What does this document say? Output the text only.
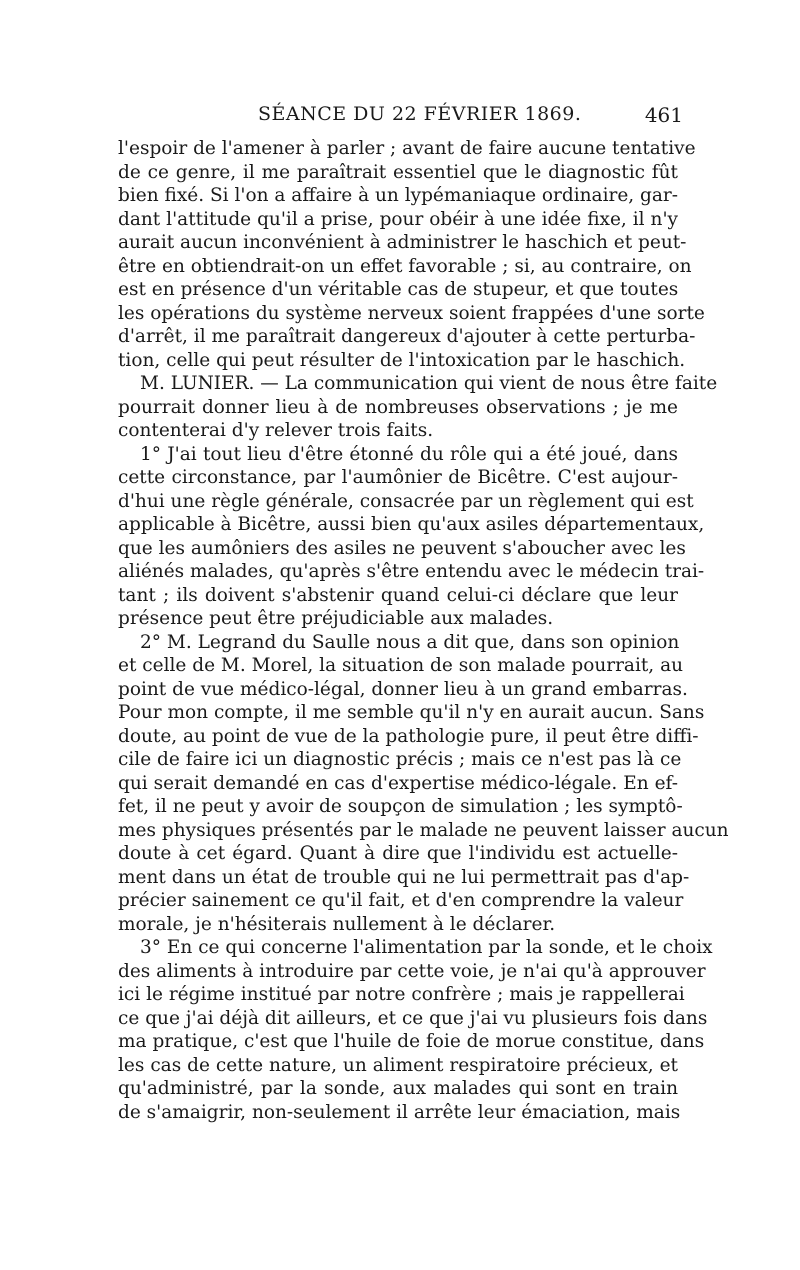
SÉANCE DU 22 FÉVRIER 1869.	461
l'espoir de l'amener à parler ; avant de faire aucune tentative
de ce genre, il me paraîtrait essentiel que le diagnostic fût
bien fixé. Si l'on a affaire à un lypémaniaque ordinaire, gar-
dant l'attitude qu'il a prise, pour obéir à une idée fixe, il n'y
aurait aucun inconvénient à administrer le haschich et peut-
être en obtiendrait-on un effet favorable ; si, au contraire, on
est en présence d'un véritable cas de stupeur, et que toutes
les opérations du système nerveux soient frappées d'une sorte
d'arrêt, il me paraîtrait dangereux d'ajouter à cette perturba-
tion, celle qui peut résulter de l'intoxication par le haschich.
M. LUNIER. — La communication qui vient de nous être faite
pourrait donner lieu à de nombreuses observations ; je me
contenterai d'y relever trois faits.
1° J'ai tout lieu d'être étonné du rôle qui a été joué, dans
cette circonstance, par l'aumônier de Bicêtre. C'est aujour-
d'hui une règle générale, consacrée par un règlement qui est
applicable à Bicêtre, aussi bien qu'aux asiles départementaux,
que les aumôniers des asiles ne peuvent s'aboucher avec les
aliénés malades, qu'après s'être entendu avec le médecin trai-
tant ; ils doivent s'abstenir quand celui-ci déclare que leur
présence peut être préjudiciable aux malades.
2° M. Legrand du Saulle nous a dit que, dans son opinion
et celle de M. Morel, la situation de son malade pourrait, au
point de vue médico-légal, donner lieu à un grand embarras.
Pour mon compte, il me semble qu'il n'y en aurait aucun. Sans
doute, au point de vue de la pathologie pure, il peut être diffi-
cile de faire ici un diagnostic précis ; mais ce n'est pas là ce
qui serait demandé en cas d'expertise médico-légale. En ef-
fet, il ne peut y avoir de soupçon de simulation ; les symptô-
mes physiques présentés par le malade ne peuvent laisser aucun
doute à cet égard. Quant à dire que l'individu est actuelle-
ment dans un état de trouble qui ne lui permettrait pas d'ap-
précier sainement ce qu'il fait, et d'en comprendre la valeur
morale, je n'hésiterais nullement à le déclarer.
3° En ce qui concerne l'alimentation par la sonde, et le choix
des aliments à introduire par cette voie, je n'ai qu'à approuver
ici le régime institué par notre confrère ; mais je rappellerai
ce que j'ai déjà dit ailleurs, et ce que j'ai vu plusieurs fois dans
ma pratique, c'est que l'huile de foie de morue constitue, dans
les cas de cette nature, un aliment respiratoire précieux, et
qu'administré, par la sonde, aux malades qui sont en train
de s'amaigrir, non-seulement il arrête leur émaciation, mais
